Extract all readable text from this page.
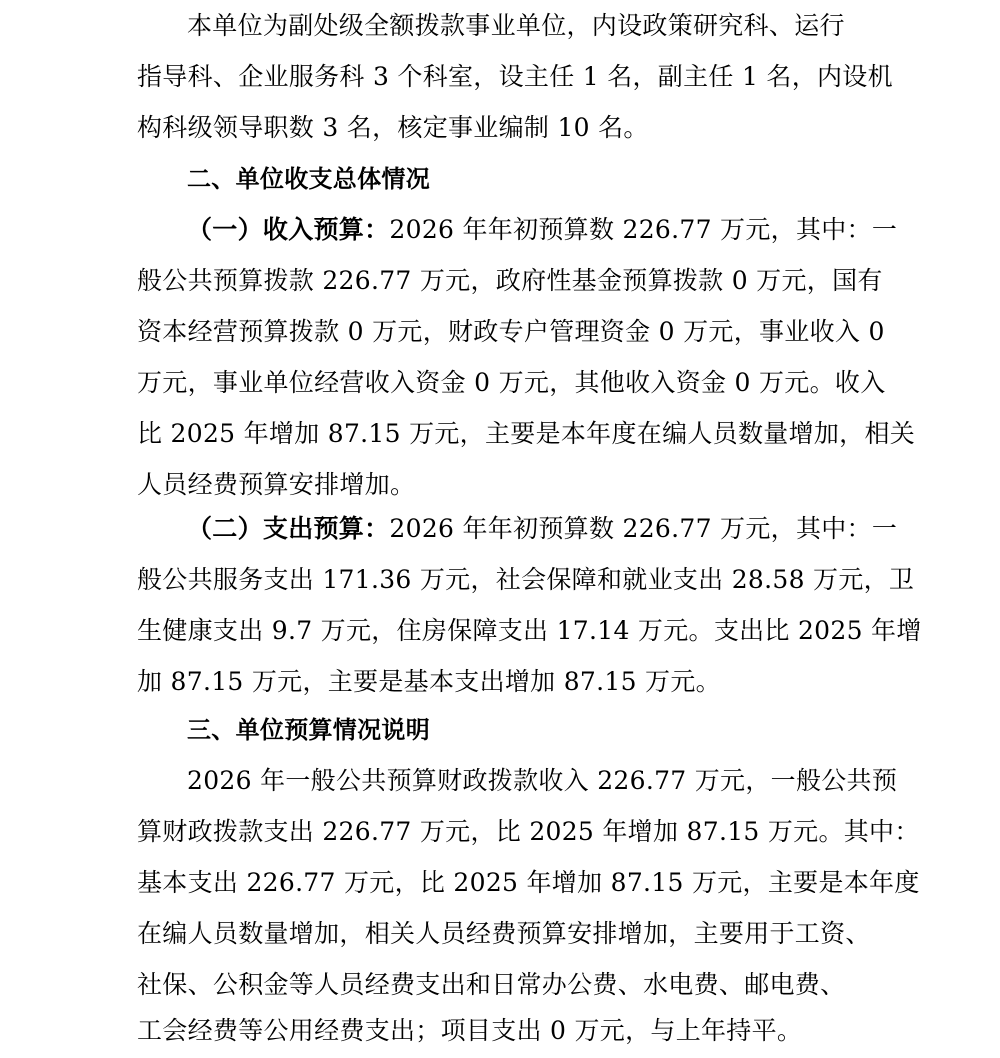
本单位为副处级全额拨款事业单位，内设政策研究科、运行
指导科、企业服务科 3 个科室，设主任 1 名，副主任 1 名，内设机
构科级领导职数 3 名，核定事业编制 10 名。
二、单位收支总体情况
（一）收入预算：2026 年年初预算数 226.77 万元，其中：一
般公共预算拨款 226.77 万元，政府性基金预算拨款 0 万元，国有
资本经营预算拨款 0 万元，财政专户管理资金 0 万元，事业收入 0
万元，事业单位经营收入资金 0 万元，其他收入资金 0 万元。收入
比 2025 年增加 87.15 万元，主要是本年度在编人员数量增加，相关
人员经费预算安排增加。
（二）支出预算：2026 年年初预算数 226.77 万元，其中：一
般公共服务支出 171.36 万元，社会保障和就业支出 28.58 万元，卫
生健康支出 9.7 万元，住房保障支出 17.14 万元。支出比 2025 年增
加 87.15 万元，主要是基本支出增加 87.15 万元。
三、单位预算情况说明
2026 年一般公共预算财政拨款收入 226.77 万元，一般公共预
算财政拨款支出 226.77 万元，比 2025 年增加 87.15 万元。其中：
基本支出 226.77 万元，比 2025 年增加 87.15 万元，主要是本年度
在编人员数量增加，相关人员经费预算安排增加，主要用于工资、
社保、公积金等人员经费支出和日常办公费、水电费、邮电费、
工会经费等公用经费支出；项目支出 0 万元，与上年持平。
